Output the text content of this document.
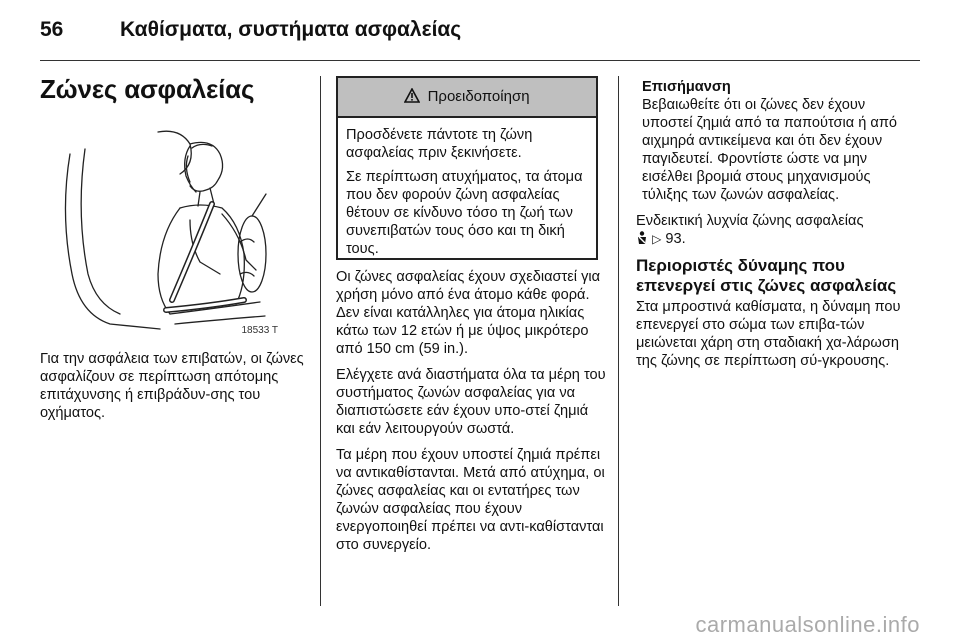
56	Καθίσματα, συστήματα ασφαλείας
Ζώνες ασφαλείας
18533 T

Για την ασφάλεια των επιβατών, οι ζώνες ασφαλίζουν σε περίπτωση απότομης επιτάχυνσης ή επιβράδυν-σης του οχήματος.

Προειδοποίηση

Προσδένετε πάντοτε τη ζώνη ασφαλείας πριν ξεκινήσετε.

Σε περίπτωση ατυχήματος, τα άτομα που δεν φορούν ζώνη ασφαλείας θέτουν σε κίνδυνο τόσο τη ζωή των συνεπιβατών τους όσο και τη δική τους.

Οι ζώνες ασφαλείας έχουν σχεδιαστεί για χρήση μόνο από ένα άτομο κάθε φορά. Δεν είναι κατάλληλες για άτομα ηλικίας κάτω των 12 ετών ή με ύψος μικρότερο από 150 cm (59 in.).

Ελέγχετε ανά διαστήματα όλα τα μέρη του συστήματος ζωνών ασφαλείας για να διαπιστώσετε εάν έχουν υπο-στεί ζημιά και εάν λειτουργούν σωστά.

Τα μέρη που έχουν υποστεί ζημιά πρέπει να αντικαθίστανται. Μετά από ατύχημα, οι ζώνες ασφαλείας και οι εντατήρες των ζωνών ασφαλείας που έχουν ενεργοποιηθεί πρέπει να αντι-καθίστανται στο συνεργείο.

Επισήμανση

Βεβαιωθείτε ότι οι ζώνες δεν έχουν υποστεί ζημιά από τα παπούτσια ή από αιχμηρά αντικείμενα και ότι δεν έχουν παγιδευτεί. Φροντίστε ώστε να μην εισέλθει βρομιά στους μηχανισμούς τύλιξης των ζωνών ασφαλείας.

Ενδεικτική λυχνία ζώνης ασφαλείας
▷ 93.

Περιοριστές δύναμης που επενεργεί στις ζώνες ασφαλείας

Στα μπροστινά καθίσματα, η δύναμη που επενεργεί στο σώμα των επιβα-τών μειώνεται χάρη στη σταδιακή χα-λάρωση της ζώνης σε περίπτωση σύ-γκρουσης.

carmanualsonline.info
